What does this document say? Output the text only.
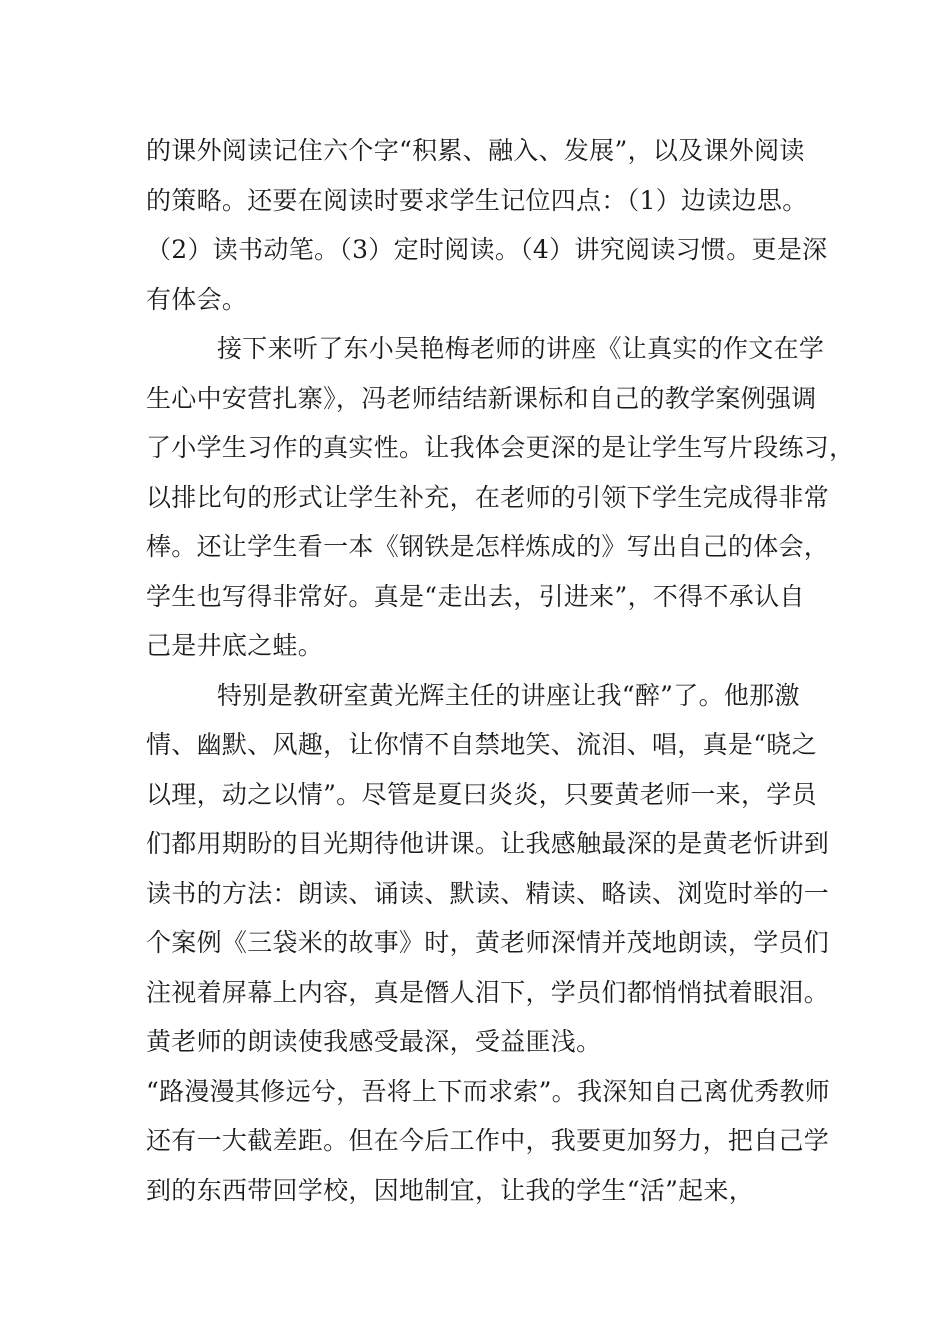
的课外阅读记住六个字“积累、融入、发展”，以及课外阅读
的策略。还要在阅读时要求学生记位四点：（1）边读边思。
（2）读书动笔。（3）定时阅读。（4）讲究阅读习惯。更是深
有体会。
接下来听了东小吴艳梅老师的讲座《让真实的作文在学
生心中安营扎寨》，冯老师结结新课标和自己的教学案例强调
了小学生习作的真实性。让我体会更深的是让学生写片段练习，
以排比句的形式让学生补充，在老师的引领下学生完成得非常
棒。还让学生看一本《钢铁是怎样炼成的》写出自己的体会，
学生也写得非常好。真是“走出去，引进来”，不得不承认自
己是井底之蛙。
特别是教研室黄光辉主任的讲座让我“醉”了。他那激
情、幽默、风趣，让你情不自禁地笑、流泪、唱，真是“晓之
以理，动之以情”。尽管是夏曰炎炎，只要黄老师一来，学员
们都用期盼的目光期待他讲课。让我感触最深的是黄老忻讲到
读书的方法：朗读、诵读、默读、精读、略读、浏览时举的一
个案例《三袋米的故事》时，黄老师深情并茂地朗读，学员们
注视着屏幕上内容，真是僭人泪下，学员们都悄悄拭着眼泪。
黄老师的朗读使我感受最深，受益匪浅。
“路漫漫其修远兮，吾将上下而求索”。我深知自己离优秀教师
还有一大截差距。但在今后工作中，我要更加努力，把自己学
到的东西带回学校，因地制宜，让我的学生“活”起来，
